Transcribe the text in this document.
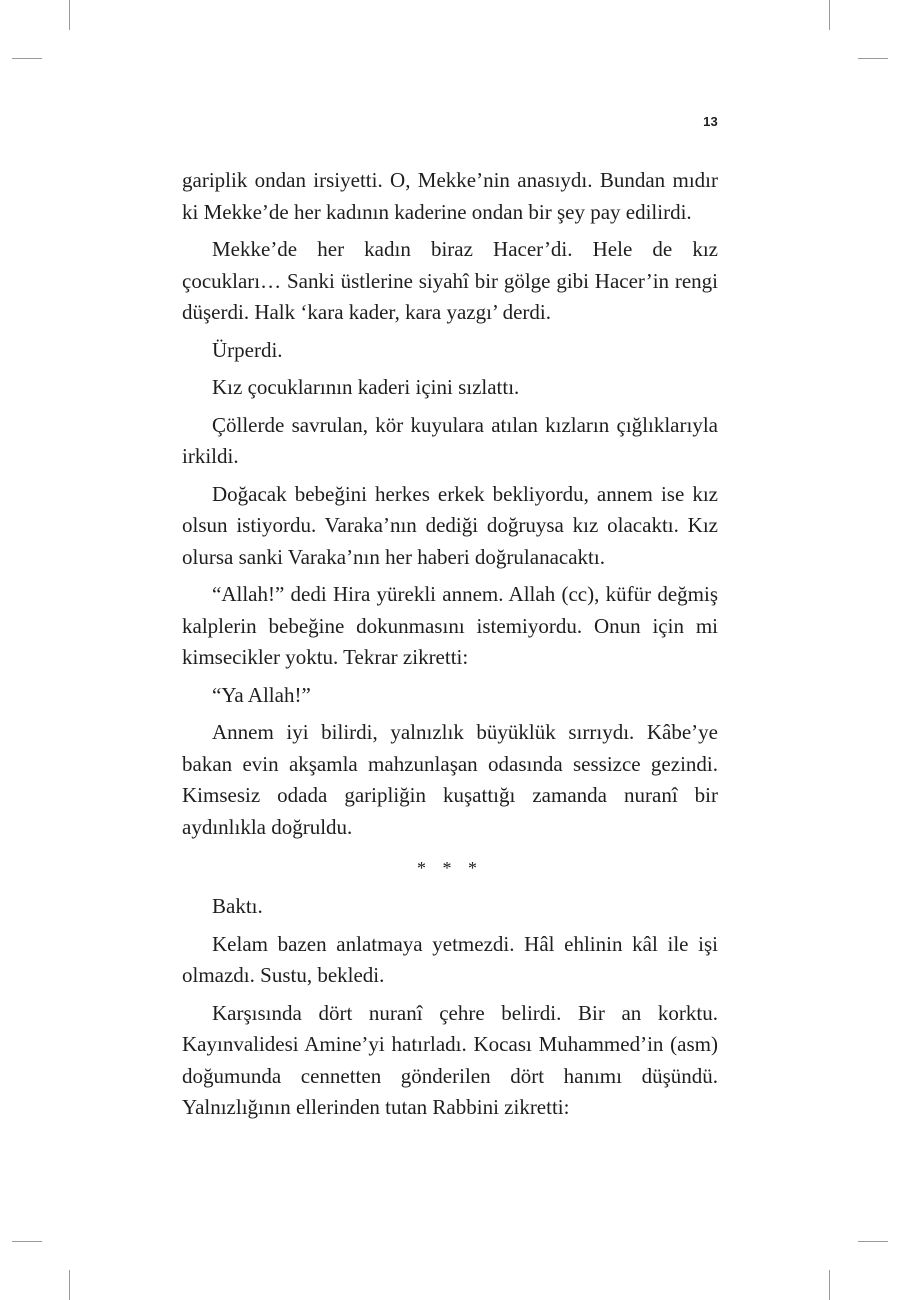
13

gariplik ondan irsiyetti. O, Mekke’nin anasıydı. Bundan mıdır ki Mekke’de her kadının kaderine ondan bir şey pay edilirdi.

Mekke’de her kadın biraz Hacer’di. Hele de kız çocukları… Sanki üstlerine siyahî bir gölge gibi Hacer’in rengi düşerdi. Halk ‘kara kader, kara yazgı’ derdi.

Ürperdi.

Kız çocuklarının kaderi içini sızlattı.

Çöllerde savrulan, kör kuyulara atılan kızların çığlıklarıyla irkildi.

Doğacak bebeğini herkes erkek bekliyordu, annem ise kız olsun istiyordu. Varaka’nın dediği doğruysa kız olacaktı. Kız olursa sanki Varaka’nın her haberi doğrulanacaktı.

“Allah!” dedi Hira yürekli annem. Allah (cc), küfür değmiş kalplerin bebeğine dokunmasını istemiyordu. Onun için mi kimsecikler yoktu. Tekrar zikretti:

“Ya Allah!”

Annem iyi bilirdi, yalnızlık büyüklük sırrıydı. Kâbe’ye bakan evin akşamla mahzunlaşan odasında sessizce gezindi. Kimsesiz odada garipliğin kuşattığı zamanda nuranî bir aydınlıkla doğruldu.

* * *

Baktı.

Kelam bazen anlatmaya yetmezdi. Hâl ehlinin kâl ile işi olmazdı. Sustu, bekledi.

Karşısında dört nuranî çehre belirdi. Bir an korktu. Kayınvalidesi Amine’yi hatırladı. Kocası Muhammed’in (asm) doğumunda cennetten gönderilen dört hanımı düşündü. Yalnızlığının ellerinden tutan Rabbini zikretti:
